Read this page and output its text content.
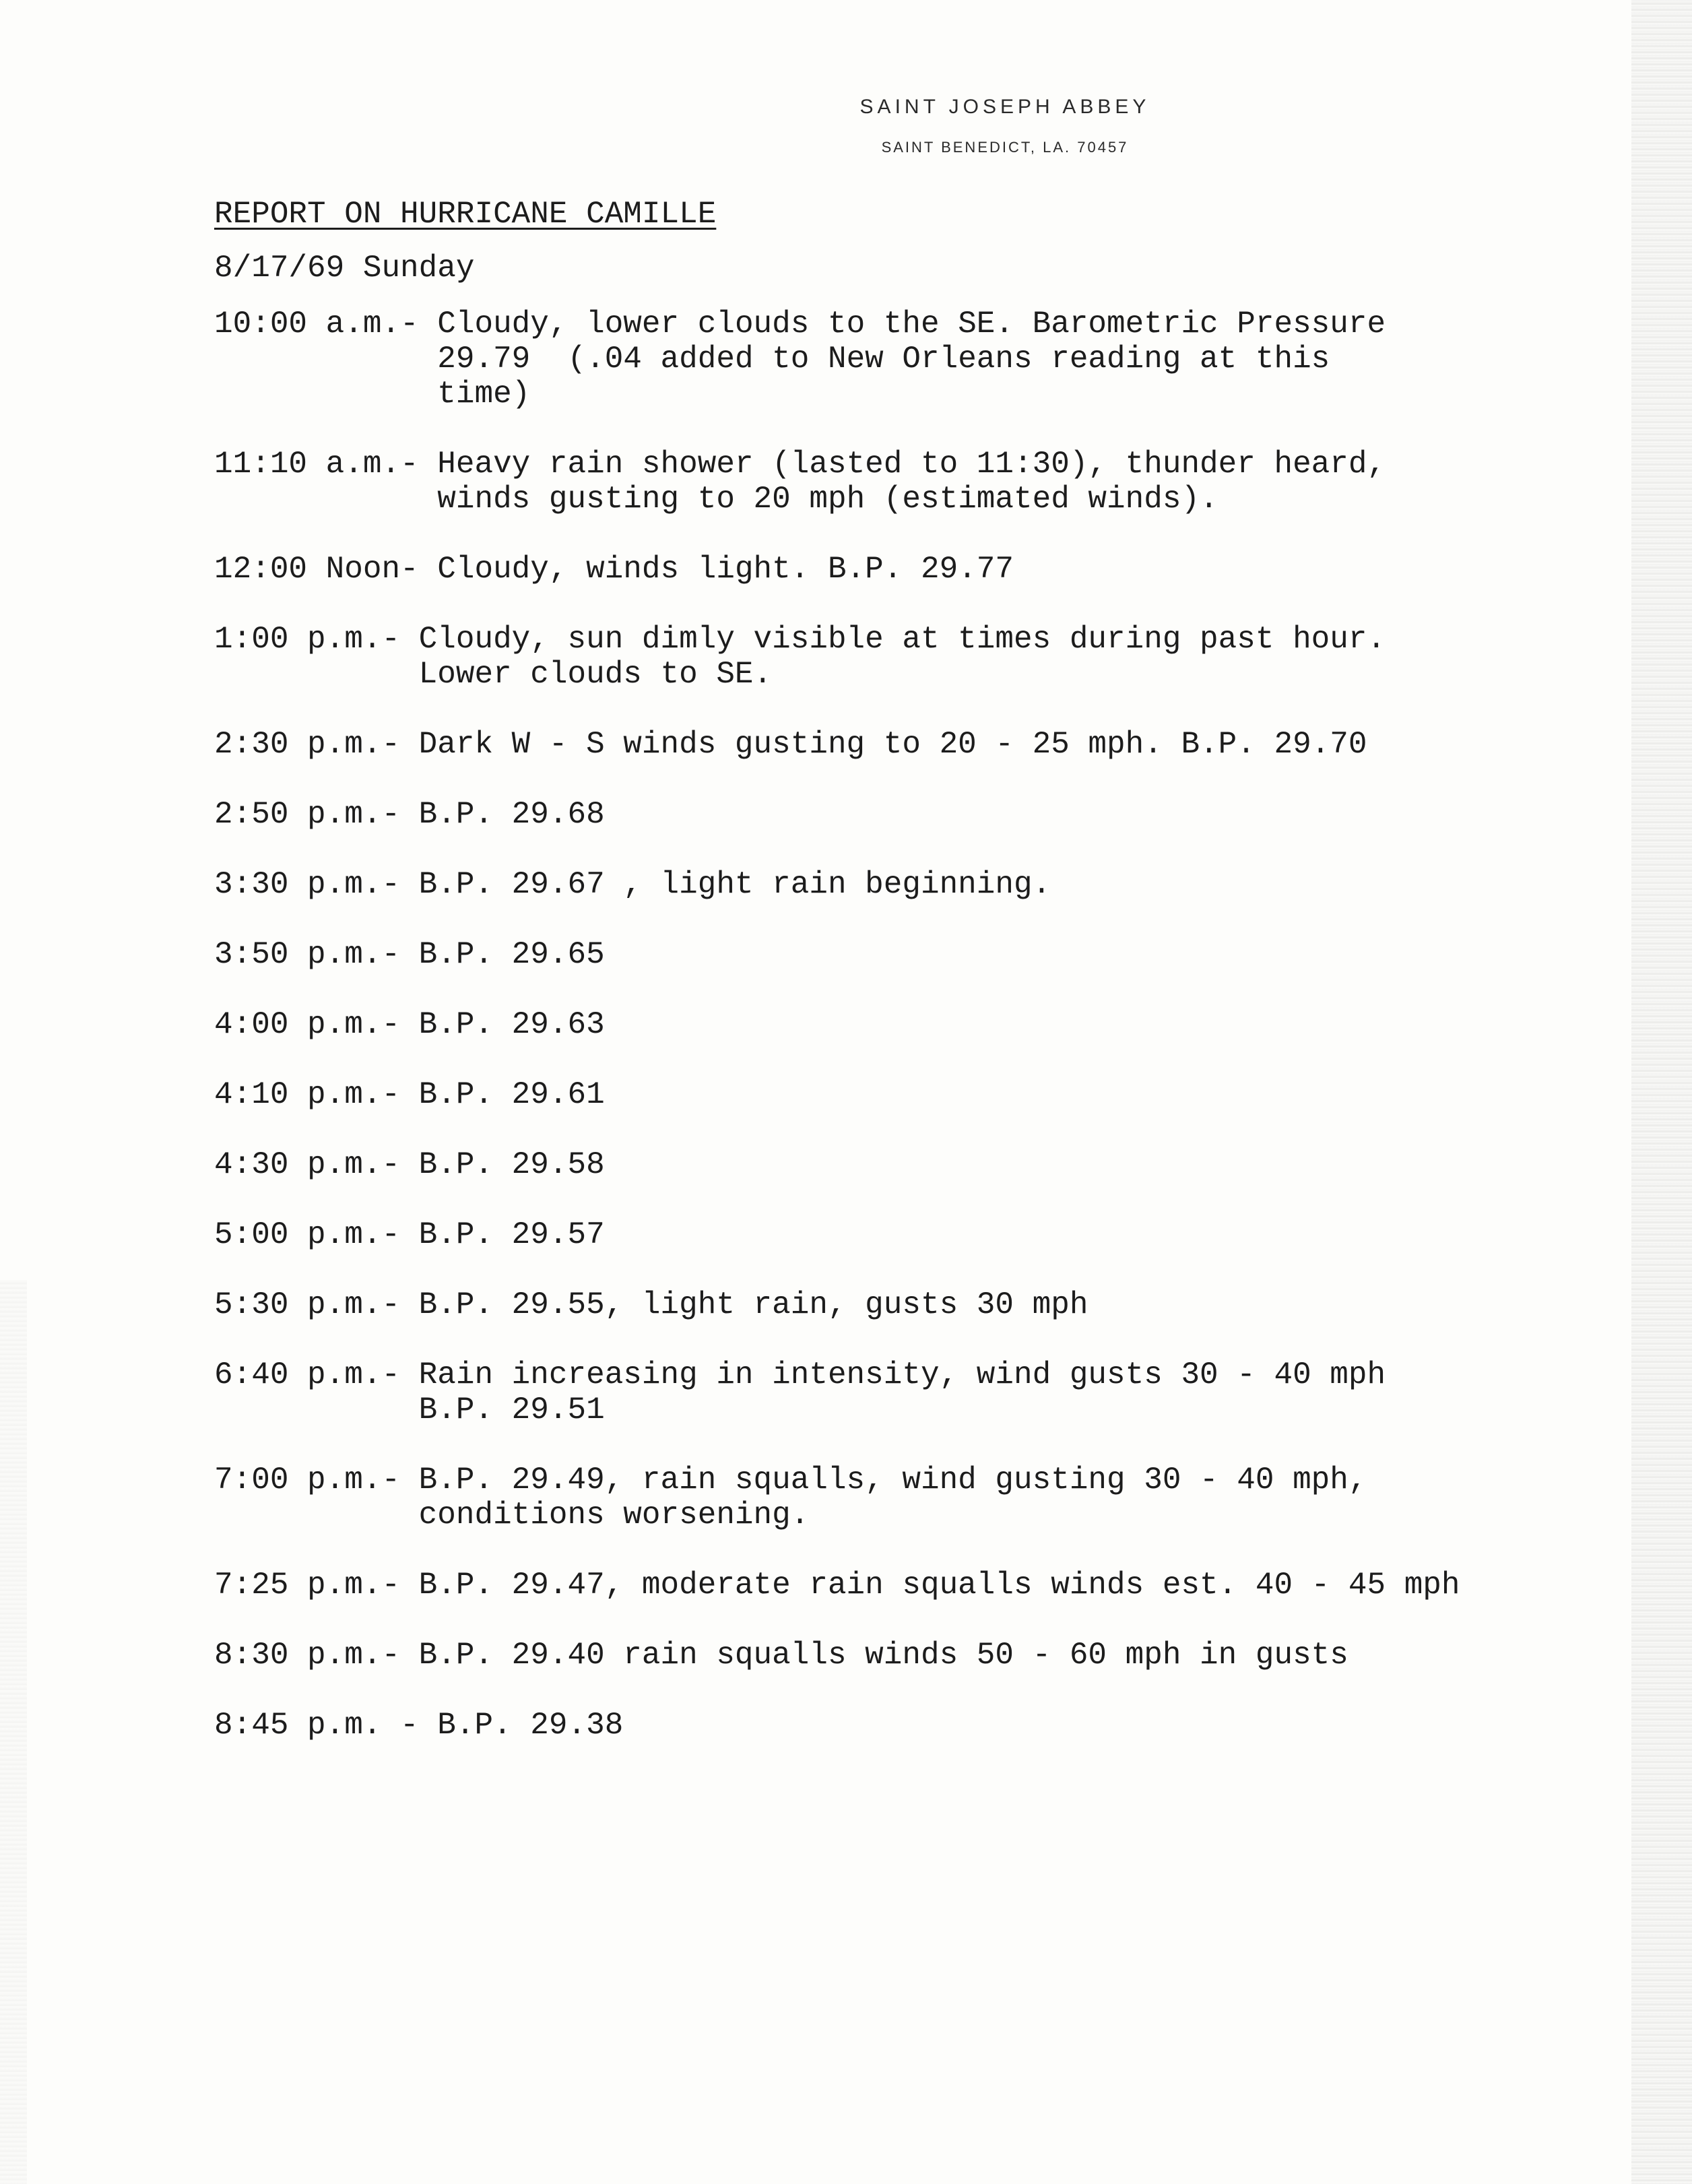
SAINT JOSEPH ABBEY
SAINT BENEDICT, LA. 70457
REPORT ON HURRICANE CAMILLE
8/17/69 Sunday
10:00 a.m.- Cloudy, lower clouds to the SE. Barometric Pressure
29.79  (.04 added to New Orleans reading at this
time)
11:10 a.m.- Heavy rain shower (lasted to 11:30), thunder heard,
winds gusting to 20 mph (estimated winds).
12:00 Noon- Cloudy, winds light. B.P. 29.77
1:00 p.m.- Cloudy, sun dimly visible at times during past hour.
Lower clouds to SE.
2:30 p.m.- Dark W - S winds gusting to 20 - 25 mph. B.P. 29.70
2:50 p.m.- B.P. 29.68
3:30 p.m.- B.P. 29.67 , light rain beginning.
3:50 p.m.- B.P. 29.65
4:00 p.m.- B.P. 29.63
4:10 p.m.- B.P. 29.61
4:30 p.m.- B.P. 29.58
5:00 p.m.- B.P. 29.57
5:30 p.m.- B.P. 29.55, light rain, gusts 30 mph
6:40 p.m.- Rain increasing in intensity, wind gusts 30 - 40 mph
B.P. 29.51
7:00 p.m.- B.P. 29.49, rain squalls, wind gusting 30 - 40 mph,
conditions worsening.
7:25 p.m.- B.P. 29.47, moderate rain squalls winds est. 40 - 45 mph
8:30 p.m.- B.P. 29.40 rain squalls winds 50 - 60 mph in gusts
8:45 p.m. - B.P. 29.38
